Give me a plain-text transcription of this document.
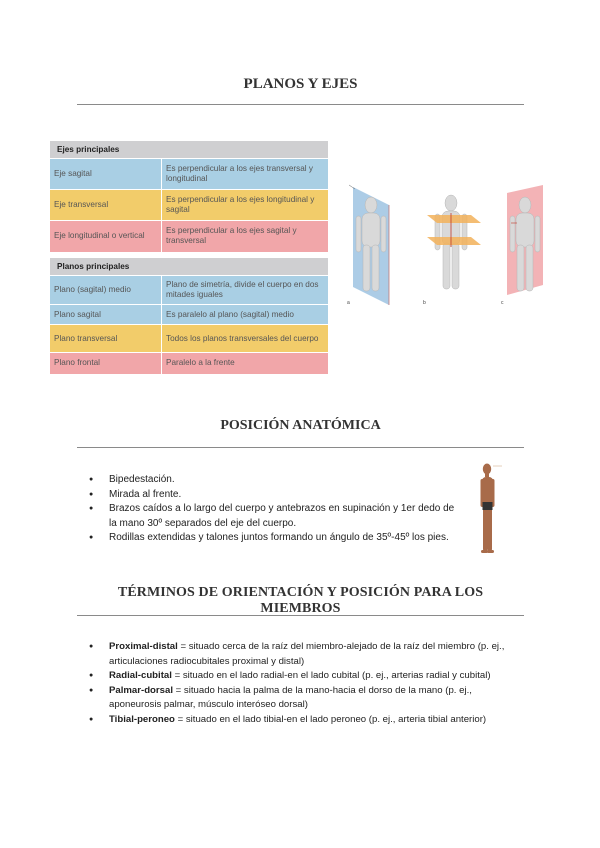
PLANOS Y EJES
Ejes principales	
Eje sagital	Es perpendicular a los ejes transversal y longitudinal
Eje transversal	Es perpendicular a los ejes longitudinal y sagital
Eje longitudinal o vertical	Es perpendicular a los ejes sagital y transversal
Planos principales	
Plano (sagital) medio	Plano de simetría, divide el cuerpo en dos mitades iguales
Plano sagital	Es paralelo al plano (sagital) medio
Plano transversal	Todos los planos transversales del cuerpo
Plano frontal	Paralelo a la frente
a	b	c
POSICIÓN ANATÓMICA
● Bipedestación.
● Mirada al frente.
● Brazos caídos a lo largo del cuerpo y antebrazos en supinación y 1er dedo de la mano 30º separados del eje del cuerpo.
● Rodillas extendidas y talones juntos formando un ángulo de 35º-45º los pies.
TÉRMINOS DE ORIENTACIÓN Y POSICIÓN PARA LOS MIEMBROS
● Proximal-distal = situado cerca de la raíz del miembro-alejado de la raíz del miembro (p. ej., articulaciones radiocubitales proximal y distal)
● Radial-cubital = situado en el lado radial-en el lado cubital (p. ej., arterias radial y cubital)
● Palmar-dorsal = situado hacia la palma de la mano-hacia el dorso de la mano (p. ej., aponeurosis palmar, músculo interóseo dorsal)
● Tibial-peroneo = situado en el lado tibial-en el lado peroneo (p. ej., arteria tibial anterior)
